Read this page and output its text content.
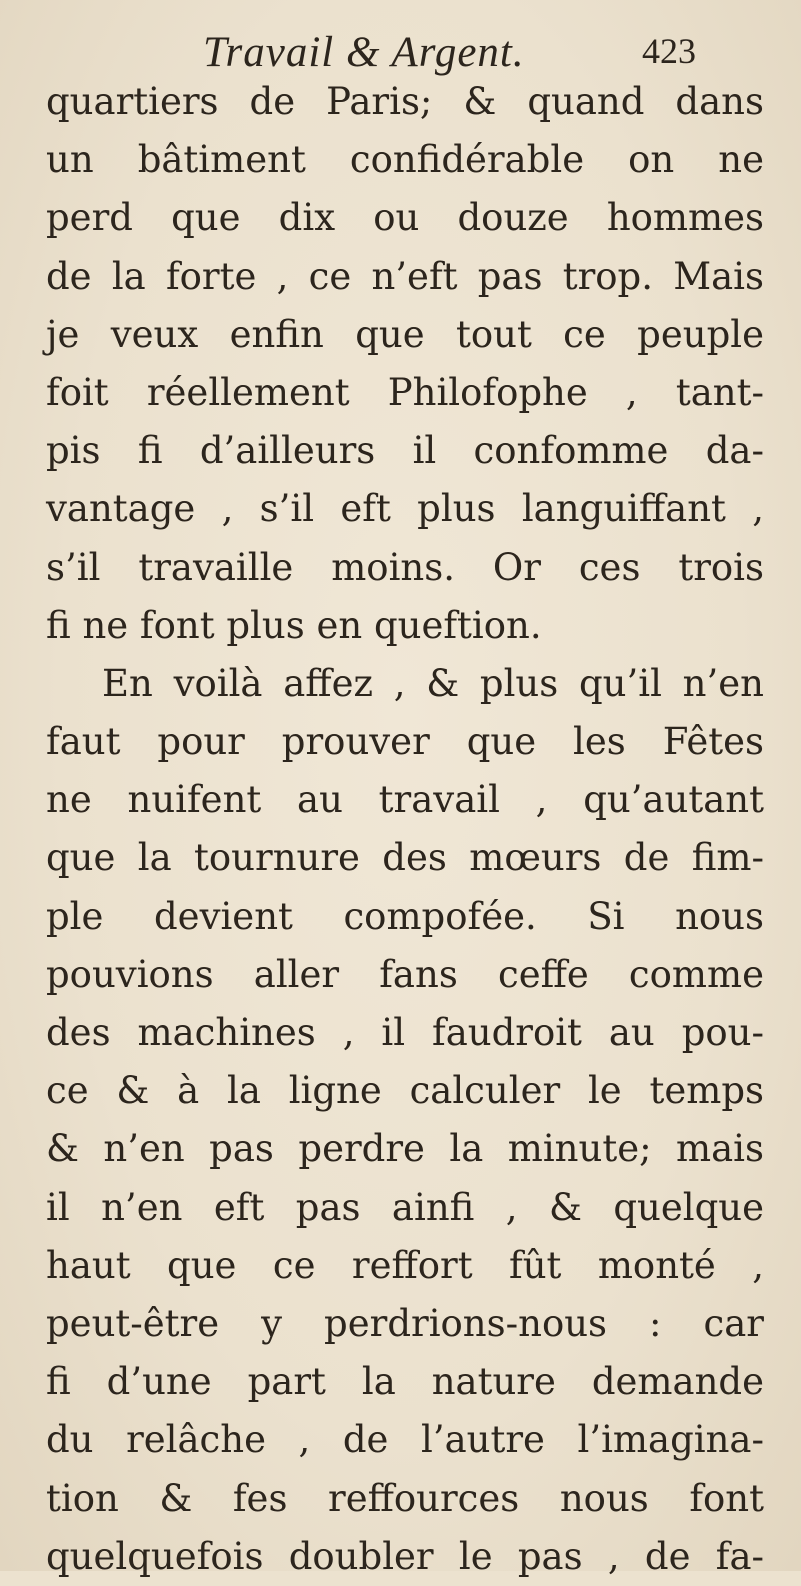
Travail & Argent.	423
quartiers de Paris; & quand dans
un bâtiment confidérable on ne
perd que dix ou douze hommes
de la forte , ce n’eft pas trop. Mais
je veux enfin que tout ce peuple
foit réellement Philofophe , tant-
pis fi d’ailleurs il confomme da-
vantage , s’il eft plus languiffant ,
s’il travaille moins. Or ces trois
fi ne font plus en queftion.
En voilà affez , & plus qu’il n’en
faut pour prouver que les Fêtes
ne nuifent au travail , qu’autant
que la tournure des mœurs de fim-
ple devient compofée. Si nous
pouvions aller fans ceffe comme
des machines , il faudroit au pou-
ce & à la ligne calculer le temps
& n’en pas perdre la minute; mais
il n’en eft pas ainfi , & quelque
haut que ce reffort fût monté ,
peut-être y perdrions-nous : car
fi d’une part la nature demande
du relâche , de l’autre l’imagina-
tion & fes reffources nous font
quelquefois doubler le pas , de fa-
